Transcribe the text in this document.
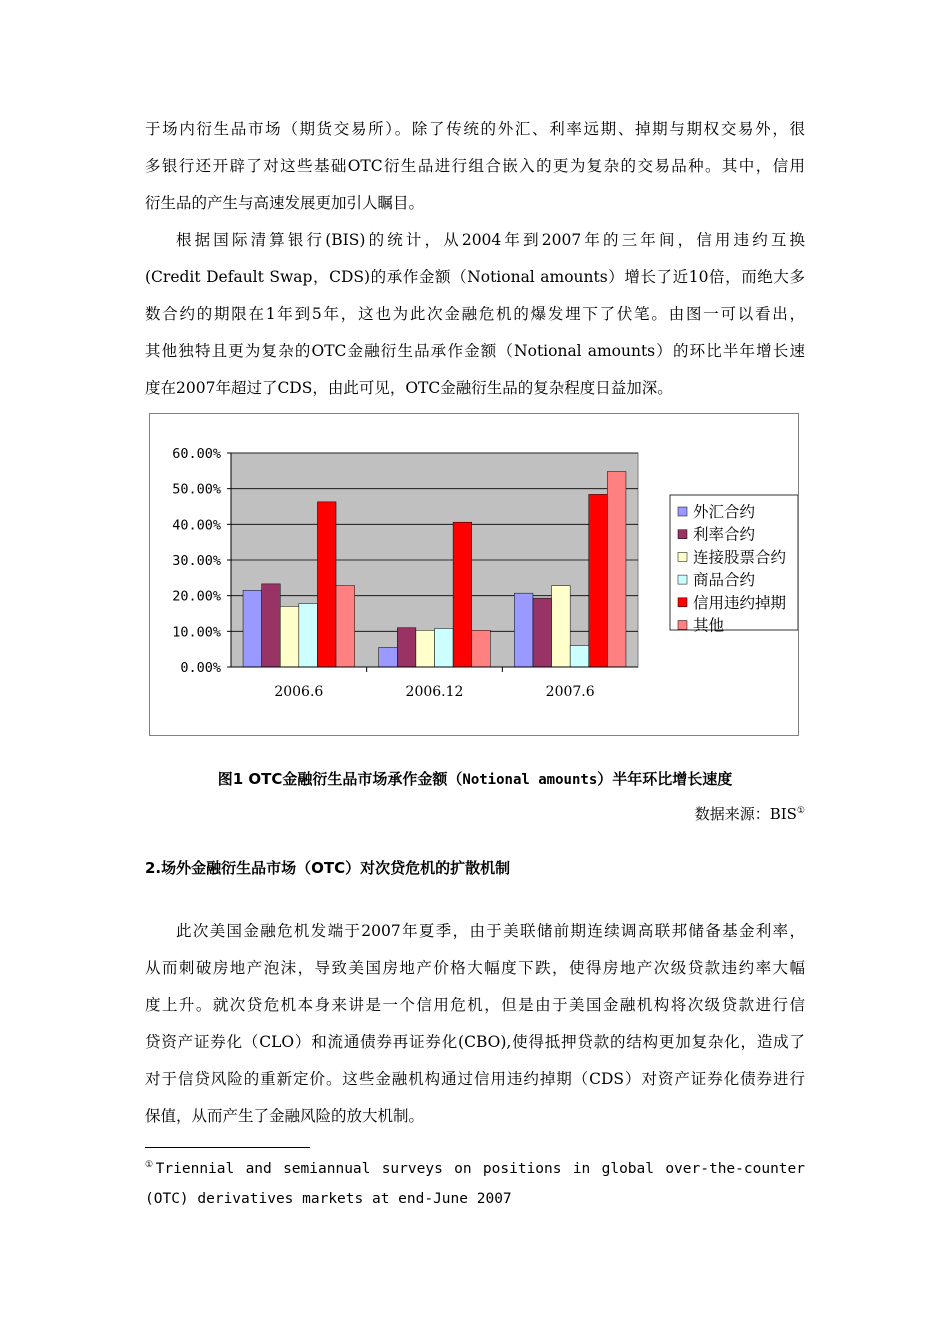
于场内衍生品市场（期货交易所）。除了传统的外汇、利率远期、掉期与期权交易外，很
多银行还开辟了对这些基础OTC衍生品进行组合嵌入的更为复杂的交易品种。其中，信用
衍生品的产生与高速发展更加引人瞩目。
根据国际清算银行(BIS)的统计，从2004年到2007年的三年间，信用违约互换
(Credit Default Swap，CDS)的承作金额（Notional amounts）增长了近10倍，而绝大多
数合约的期限在1年到5年，这也为此次金融危机的爆发埋下了伏笔。由图一可以看出，
其他独特且更为复杂的OTC金融衍生品承作金额（Notional amounts）的环比半年增长速
度在2007年超过了CDS，由此可见，OTC金融衍生品的复杂程度日益加深。
0.00%
10.00%
20.00%
30.00%
40.00%
50.00%
60.00%
2006.6	2006.12	2007.6
外汇合约
利率合约
连接股票合约
商品合约
信用违约掉期
其他
图1 OTC金融衍生品市场承作金额（Notional amounts）半年环比增长速度
数据来源：BIS①
2.场外金融衍生品市场（OTC）对次贷危机的扩散机制
此次美国金融危机发端于2007年夏季，由于美联储前期连续调高联邦储备基金利率，
从而刺破房地产泡沫，导致美国房地产价格大幅度下跌，使得房地产次级贷款违约率大幅
度上升。就次贷危机本身来讲是一个信用危机，但是由于美国金融机构将次级贷款进行信
贷资产证券化（CLO）和流通债券再证券化(CBO),使得抵押贷款的结构更加复杂化，造成了
对于信贷风险的重新定价。这些金融机构通过信用违约掉期（CDS）对资产证券化债券进行
保值，从而产生了金融风险的放大机制。
①Triennial and semiannual surveys on positions in global over-the-counter
(OTC) derivatives markets at end-June 2007
